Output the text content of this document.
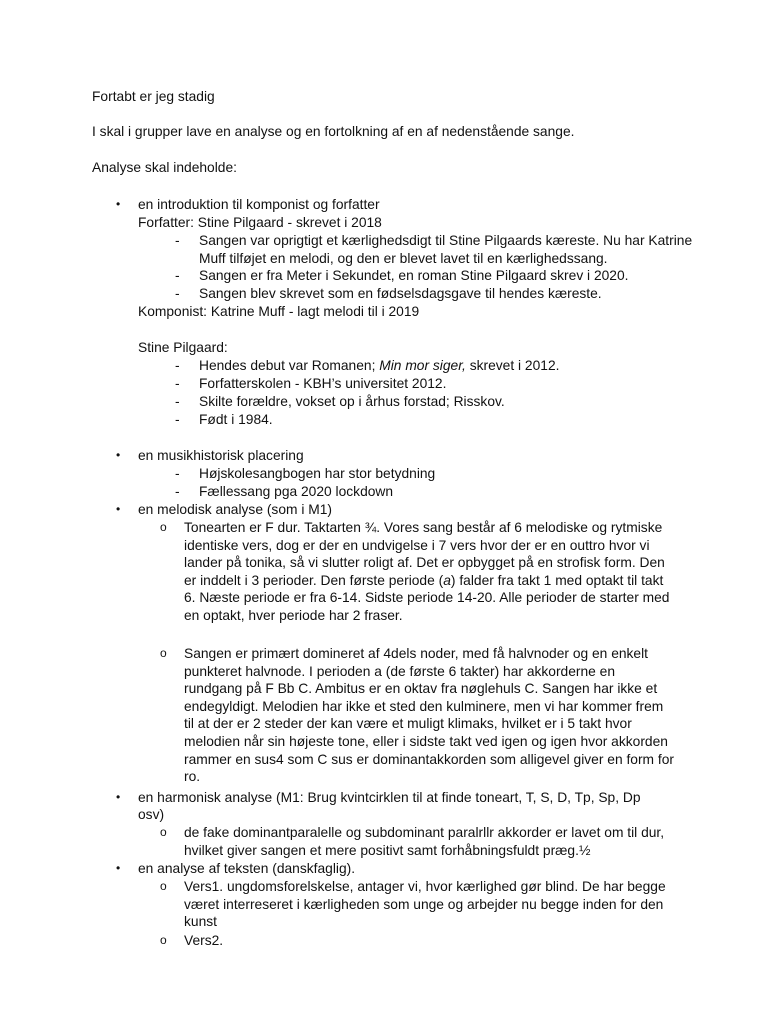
Fortabt er jeg stadig

I skal i grupper lave en analyse og en fortolkning af en af nedenstående sange.

Analyse skal indeholde:

• en introduktion til komponist og forfatter

Forfatter: Stine Pilgaard - skrevet i 2018

- Sangen var oprigtigt et kærlighedsdigt til Stine Pilgaards kæreste. Nu har Katrine Muff tilføjet en melodi, og den er blevet lavet til en kærlighedssang.

- Sangen er fra Meter i Sekundet, en roman Stine Pilgaard skrev i 2020.

- Sangen blev skrevet som en fødselsdagsgave til hendes kæreste.

Komponist: Katrine Muff - lagt melodi til i 2019

Stine Pilgaard:

- Hendes debut var Romanen; Min mor siger, skrevet i 2012.

- Forfatterskolen - KBH’s universitet 2012.

- Skilte forældre, vokset op i århus forstad; Risskov.

- Født i 1984.

• en musikhistorisk placering

- Højskolesangbogen har stor betydning

- Fællessang pga 2020 lockdown

• en melodisk analyse (som i M1)

o Tonearten er F dur. Taktarten ¾. Vores sang består af 6 melodiske og rytmiske identiske vers, dog er der en undvigelse i 7 vers hvor der er en outtro hvor vi lander på tonika, så vi slutter roligt af. Det er opbygget på en strofisk form. Den er inddelt i 3 perioder. Den første periode (a) falder fra takt 1 med optakt til takt 6. Næste periode er fra 6-14. Sidste periode 14-20. Alle perioder de starter med en optakt, hver periode har 2 fraser.

o Sangen er primært domineret af 4dels noder, med få halvnoder og en enkelt punkteret halvnode. I perioden a (de første 6 takter) har akkorderne en rundgang på F Bb C. Ambitus er en oktav fra nøglehuls C. Sangen har ikke et endegyldigt. Melodien har ikke et sted den kulminere, men vi har kommer frem til at der er 2 steder der kan være et muligt klimaks, hvilket er i 5 takt hvor melodien når sin højeste tone, eller i sidste takt ved igen og igen hvor akkorden rammer en sus4 som C sus er dominantakkorden som alligevel giver en form for ro.

• en harmonisk analyse (M1: Brug kvintcirklen til at finde toneart, T, S, D, Tp, Sp, Dp

osv)

o de fake dominantparalelle og subdominant paralrllr akkorder er lavet om til dur, hvilket giver sangen et mere positivt samt forhåbningsfuldt præg.½

• en analyse af teksten (danskfaglig).

o Vers1. ungdomsforelskelse, antager vi, hvor kærlighed gør blind. De har begge været interreseret i kærligheden som unge og arbejder nu begge inden for den kunst

o Vers2.
